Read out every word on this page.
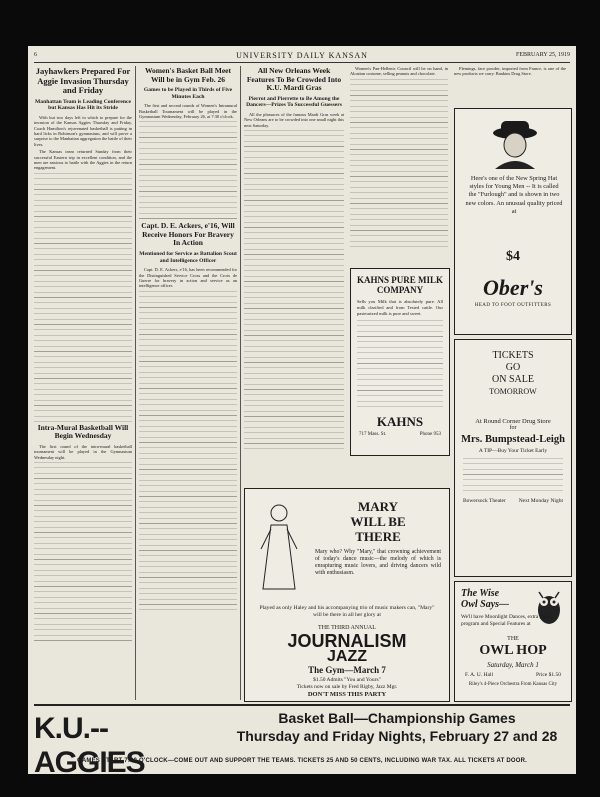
6	UNIVERSITY DAILY KANSAN	FEBRUARY 25, 1919
Jayhawkers Prepared For Aggie Invasion Thursday and Friday
Manhattan Team is Leading Conference but Kansas Has Hit its Stride

With but two days left in which to prepare for the invasion of the Kansas Aggies Thursday and Friday, Coach Hamilton's rejuvenated basketball is putting in hard licks in Robinson's gymnasium, and will prove a surprise to the Manhattan aggregation the battle of their lives.

The Kansas team returned Sunday from their successful Eastern trip in excellent condition, and the men are anxious to battle with the Aggies in the return engagement.

Intra-Mural Basketball Will Begin Wednesday

The first round of the intra-mural basketball tournament will be played in the Gymnasium Wednesday night.

Women's Basket Ball Meet Will be in Gym Feb. 26
Games to be Played in Thirds of Five Minutes Each

The first and second rounds of Women's Intramural Basketball Tournament will be played in the Gymnasium Wednesday, February 26, at 7:30 o'clock.

Capt. D. E. Ackers, e'16, Will Receive Honors For Bravery In Action
Mentioned for Service as Battalion Scout and Intelligence Officer

Capt. D. E. Ackers, e'16, has been recommended for the Distinguished Service Cross and the Croix de Guerre for bravery in action and service as an intelligence officer.

All New Orleans Week Features To Be Crowded Into K.U. Mardi Gras
Pierrot and Pierrette to Be Among the Dancers—Prizes To Successful Guessers

All the pleasures of the famous Mardi Gras week at New Orleans are to be crowded into one small night this next Saturday.

Women's Pan-Hellenic Council will be on hand, in Aloatian costume, selling peanuts and chocolate.

Flemings, face powder, imported from France, is one of the new products we carry. Bankins Drug Store.

KAHNS PURE MILK COMPANY
Sells you Milk that is absolutely pure. All milk clarified and from Tested cattle. Our pasteurized milk is pure and sweet.
KAHNS
717 Mass. St.	Phone 953
Here's one of the New Spring Hat styles for Young Men -- It is called the "Furlough" and is shown in two new colors. An unusual quality priced at
$4
Ober's
HEAD TO FOOT OUTFITTERS
TICKETS
GO
ON SALE
TOMORROW
At Round Corner Drug Store
for
Mrs. Bumpstead-Leigh
A TIP—Buy Your Ticket Early
Bowersock Theater Next Monday Night
MARY
WILL BE
THERE
Mary who? Why "Mary," that crowning achievement of today's dance music—the melody of which is enrapturing music lovers, and driving dancers wild with enthusiasm.
Played as only Haley and his accompanying trio of music makers can, "Mary" will be there in all her glory at
THE THIRD ANNUAL
JOURNALISM
JAZZ
The Gym—March 7
$1.50 Admits "You and Yours"
Tickets now on sale by Fred Rigby, Jazz Mgr.
DON'T MISS THIS PARTY
The Wise
Owl Says—
We'll have Moonlight Dances, extra good program and Special Features at
THE
OWL HOP
Saturday, March 1
F. A. U. Hall	Price $1.50
Riley's 4-Piece Orchestra From Kansas City
K.U.--AGGIES
Basket Ball—Championship Games
Thursday and Friday Nights, February 27 and 28
GAMES START 7:30 O'CLOCK—COME OUT AND SUPPORT THE TEAMS. TICKETS 25 AND 50 CENTS, INCLUDING WAR TAX. ALL TICKETS AT DOOR.
